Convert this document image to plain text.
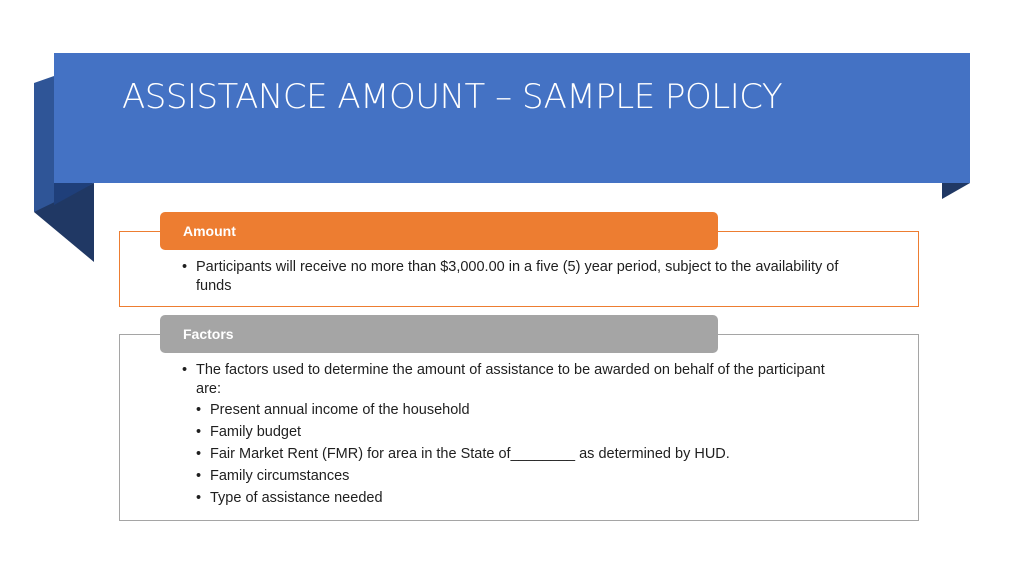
ASSISTANCE AMOUNT – SAMPLE POLICY
Amount
• Participants will receive no more than $3,000.00 in a five (5) year period, subject to the availability of funds
Factors
• The factors used to determine the amount of assistance to be awarded on behalf of the participant are:
• Present annual income of the household
• Family budget
• Fair Market Rent (FMR) for area in the State of________ as determined by HUD.
• Family circumstances
• Type of assistance needed
